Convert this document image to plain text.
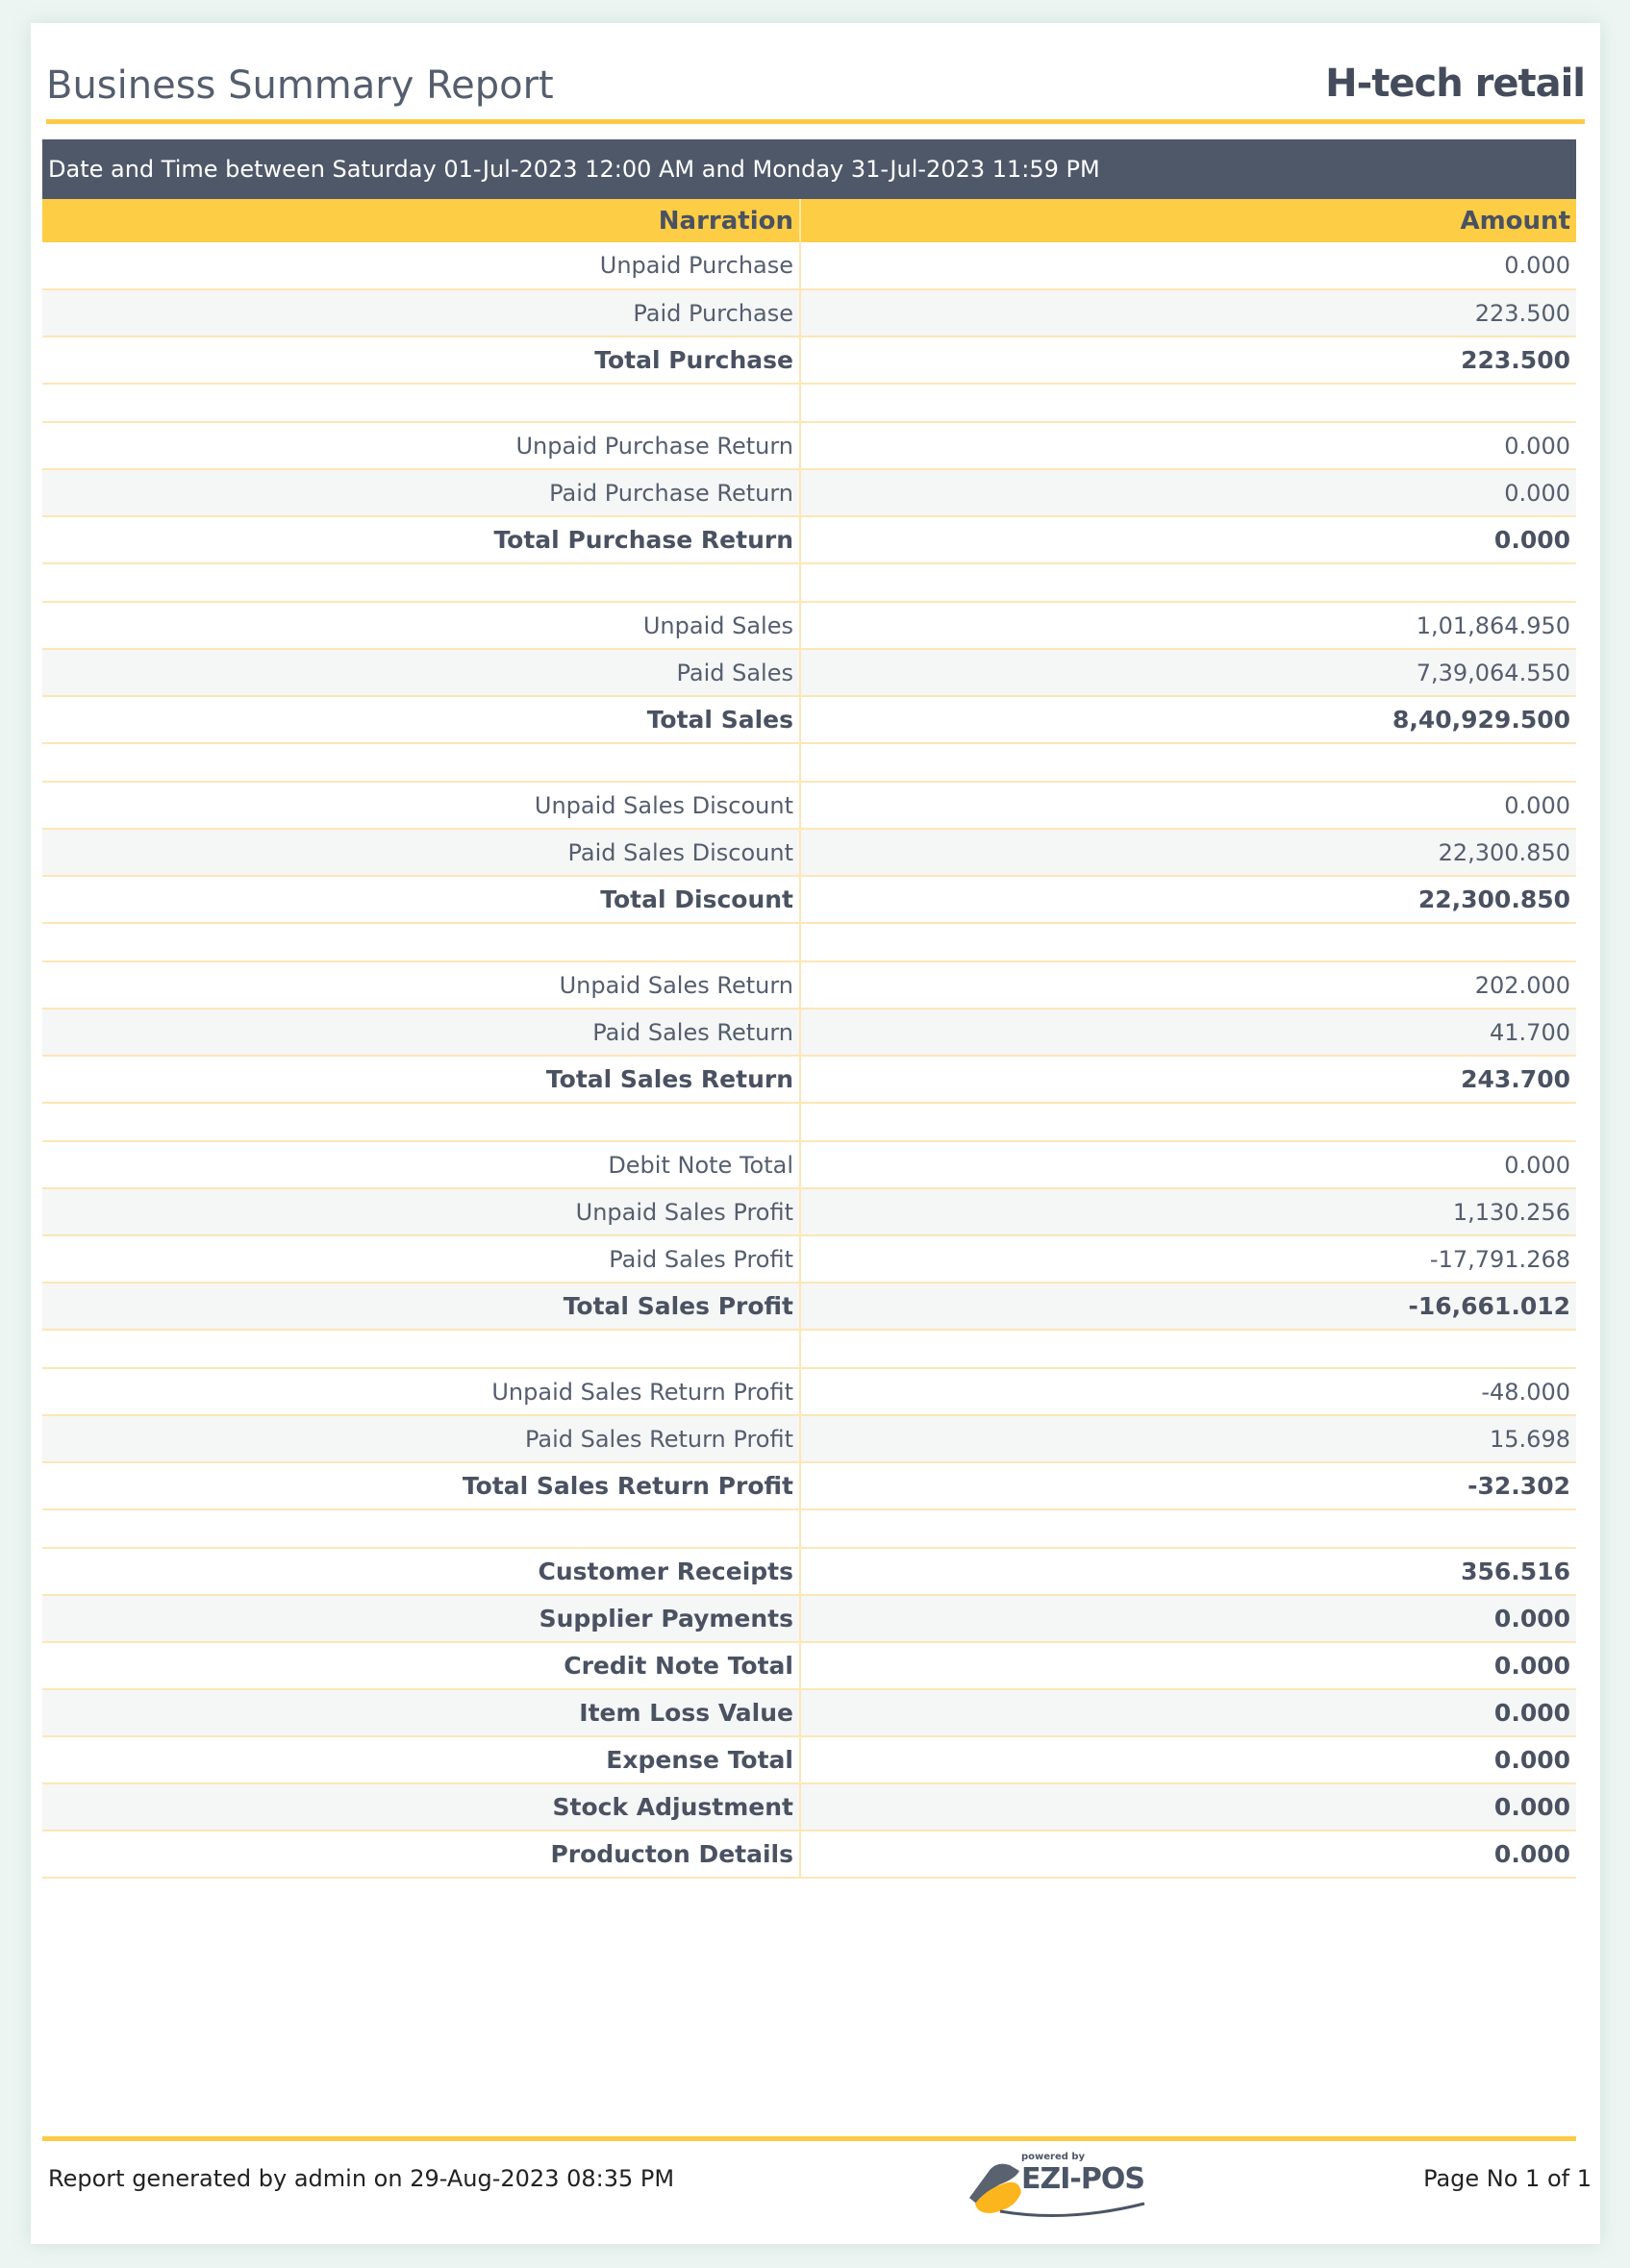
Business Summary Report	H-tech retail
Date and Time between Saturday 01-Jul-2023 12:00 AM and Monday 31-Jul-2023 11:59 PM
Narration	Amount
Unpaid Purchase	0.000
Paid Purchase	223.500
Total Purchase	223.500

Unpaid Purchase Return	0.000
Paid Purchase Return	0.000
Total Purchase Return	0.000

Unpaid Sales	1,01,864.950
Paid Sales	7,39,064.550
Total Sales	8,40,929.500

Unpaid Sales Discount	0.000
Paid Sales Discount	22,300.850
Total Discount	22,300.850

Unpaid Sales Return	202.000
Paid Sales Return	41.700
Total Sales Return	243.700

Debit Note Total	0.000
Unpaid Sales Profit	1,130.256
Paid Sales Profit	-17,791.268
Total Sales Profit	-16,661.012

Unpaid Sales Return Profit	-48.000
Paid Sales Return Profit	15.698
Total Sales Return Profit	-32.302

Customer Receipts	356.516
Supplier Payments	0.000
Credit Note Total	0.000
Item Loss Value	0.000
Expense Total	0.000
Stock Adjustment	0.000
Producton Details	0.000
Report generated by admin on 29-Aug-2023 08:35 PM
powered by
EZI-POS	Page No 1 of 1
